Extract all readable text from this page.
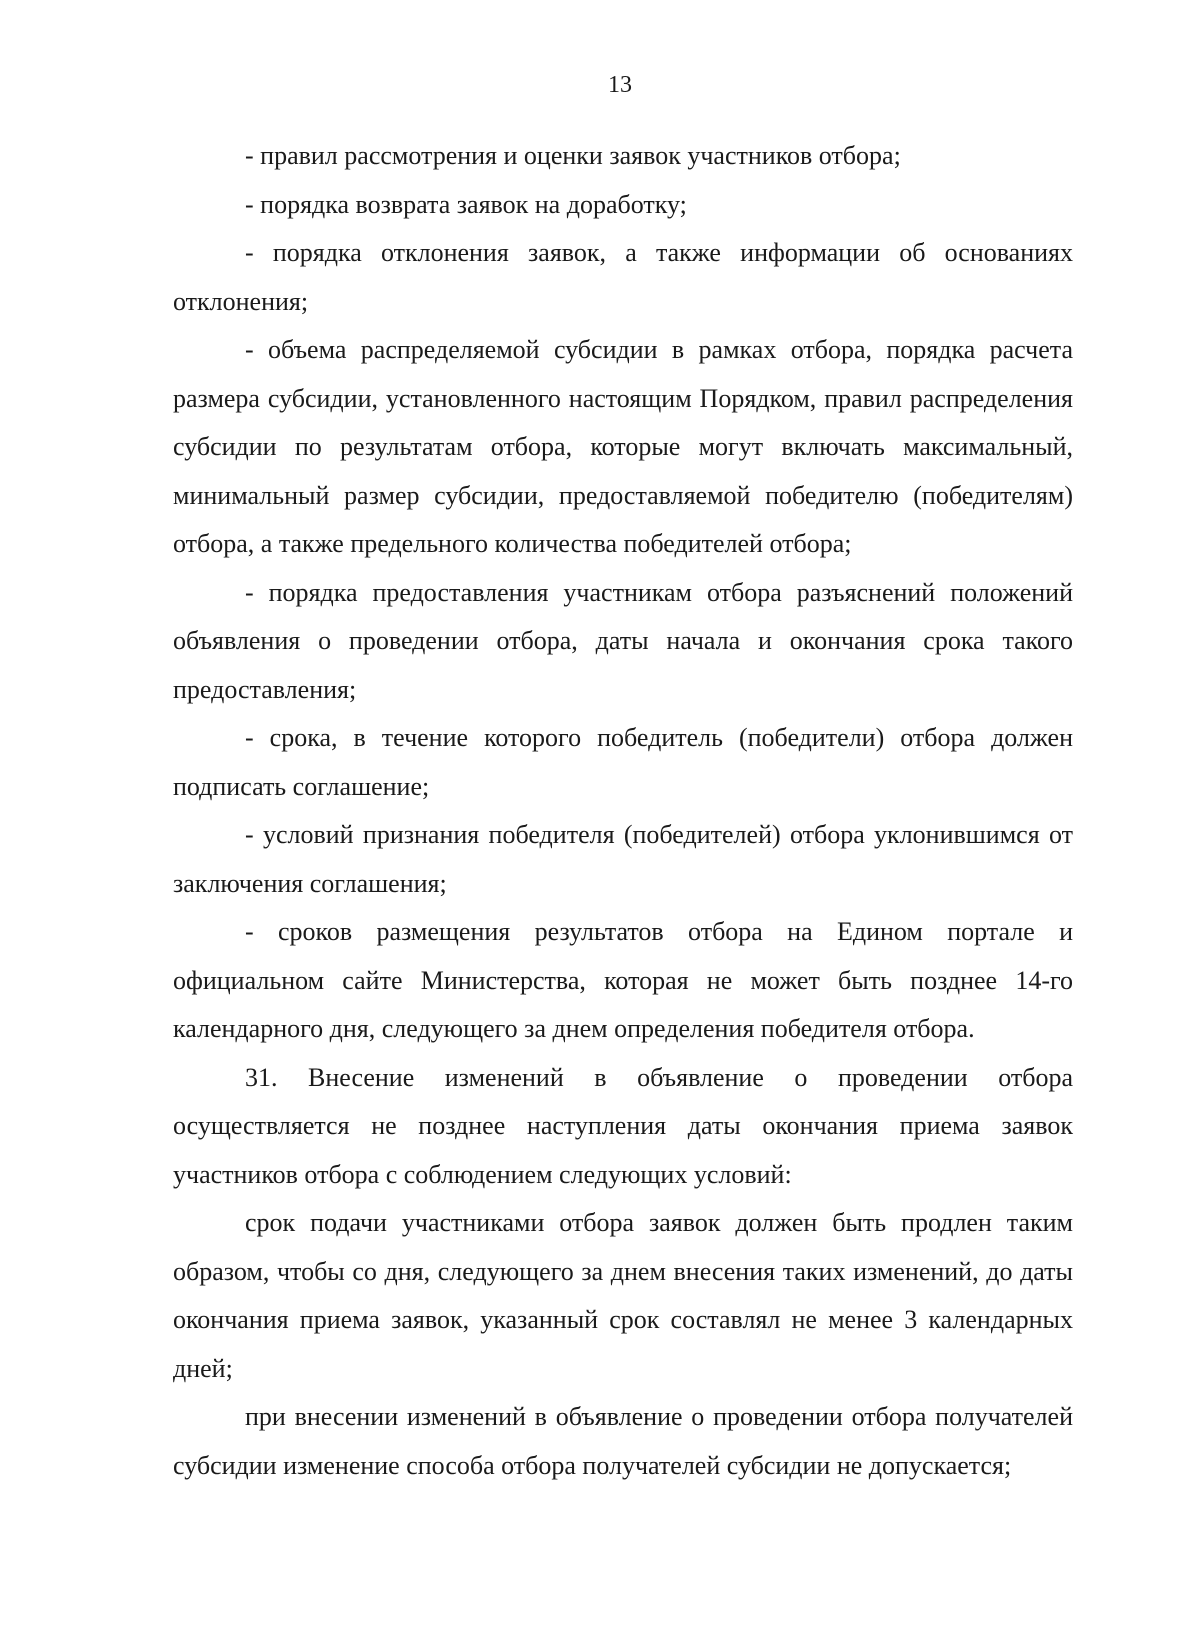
13

- правил рассмотрения и оценки заявок участников отбора;

- порядка возврата заявок на доработку;

- порядка отклонения заявок, а также информации об основаниях отклонения;

- объема распределяемой субсидии в рамках отбора, порядка расчета размера субсидии, установленного настоящим Порядком, правил распределения субсидии по результатам отбора, которые могут включать максимальный, минимальный размер субсидии, предоставляемой победителю (победителям) отбора, а также предельного количества победителей отбора;

- порядка предоставления участникам отбора разъяснений положений объявления о проведении отбора, даты начала и окончания срока такого предоставления;

- срока, в течение которого победитель (победители) отбора должен подписать соглашение;

- условий признания победителя (победителей) отбора уклонившимся от заключения соглашения;

- сроков размещения результатов отбора на Едином портале и официальном сайте Министерства, которая не может быть позднее 14-го календарного дня, следующего за днем определения победителя отбора.

31. Внесение изменений в объявление о проведении отбора осуществляется не позднее наступления даты окончания приема заявок участников отбора с соблюдением следующих условий:

срок подачи участниками отбора заявок должен быть продлен таким образом, чтобы со дня, следующего за днем внесения таких изменений, до даты окончания приема заявок, указанный срок составлял не менее 3 календарных дней;

при внесении изменений в объявление о проведении отбора получателей субсидии изменение способа отбора получателей субсидии не допускается;
